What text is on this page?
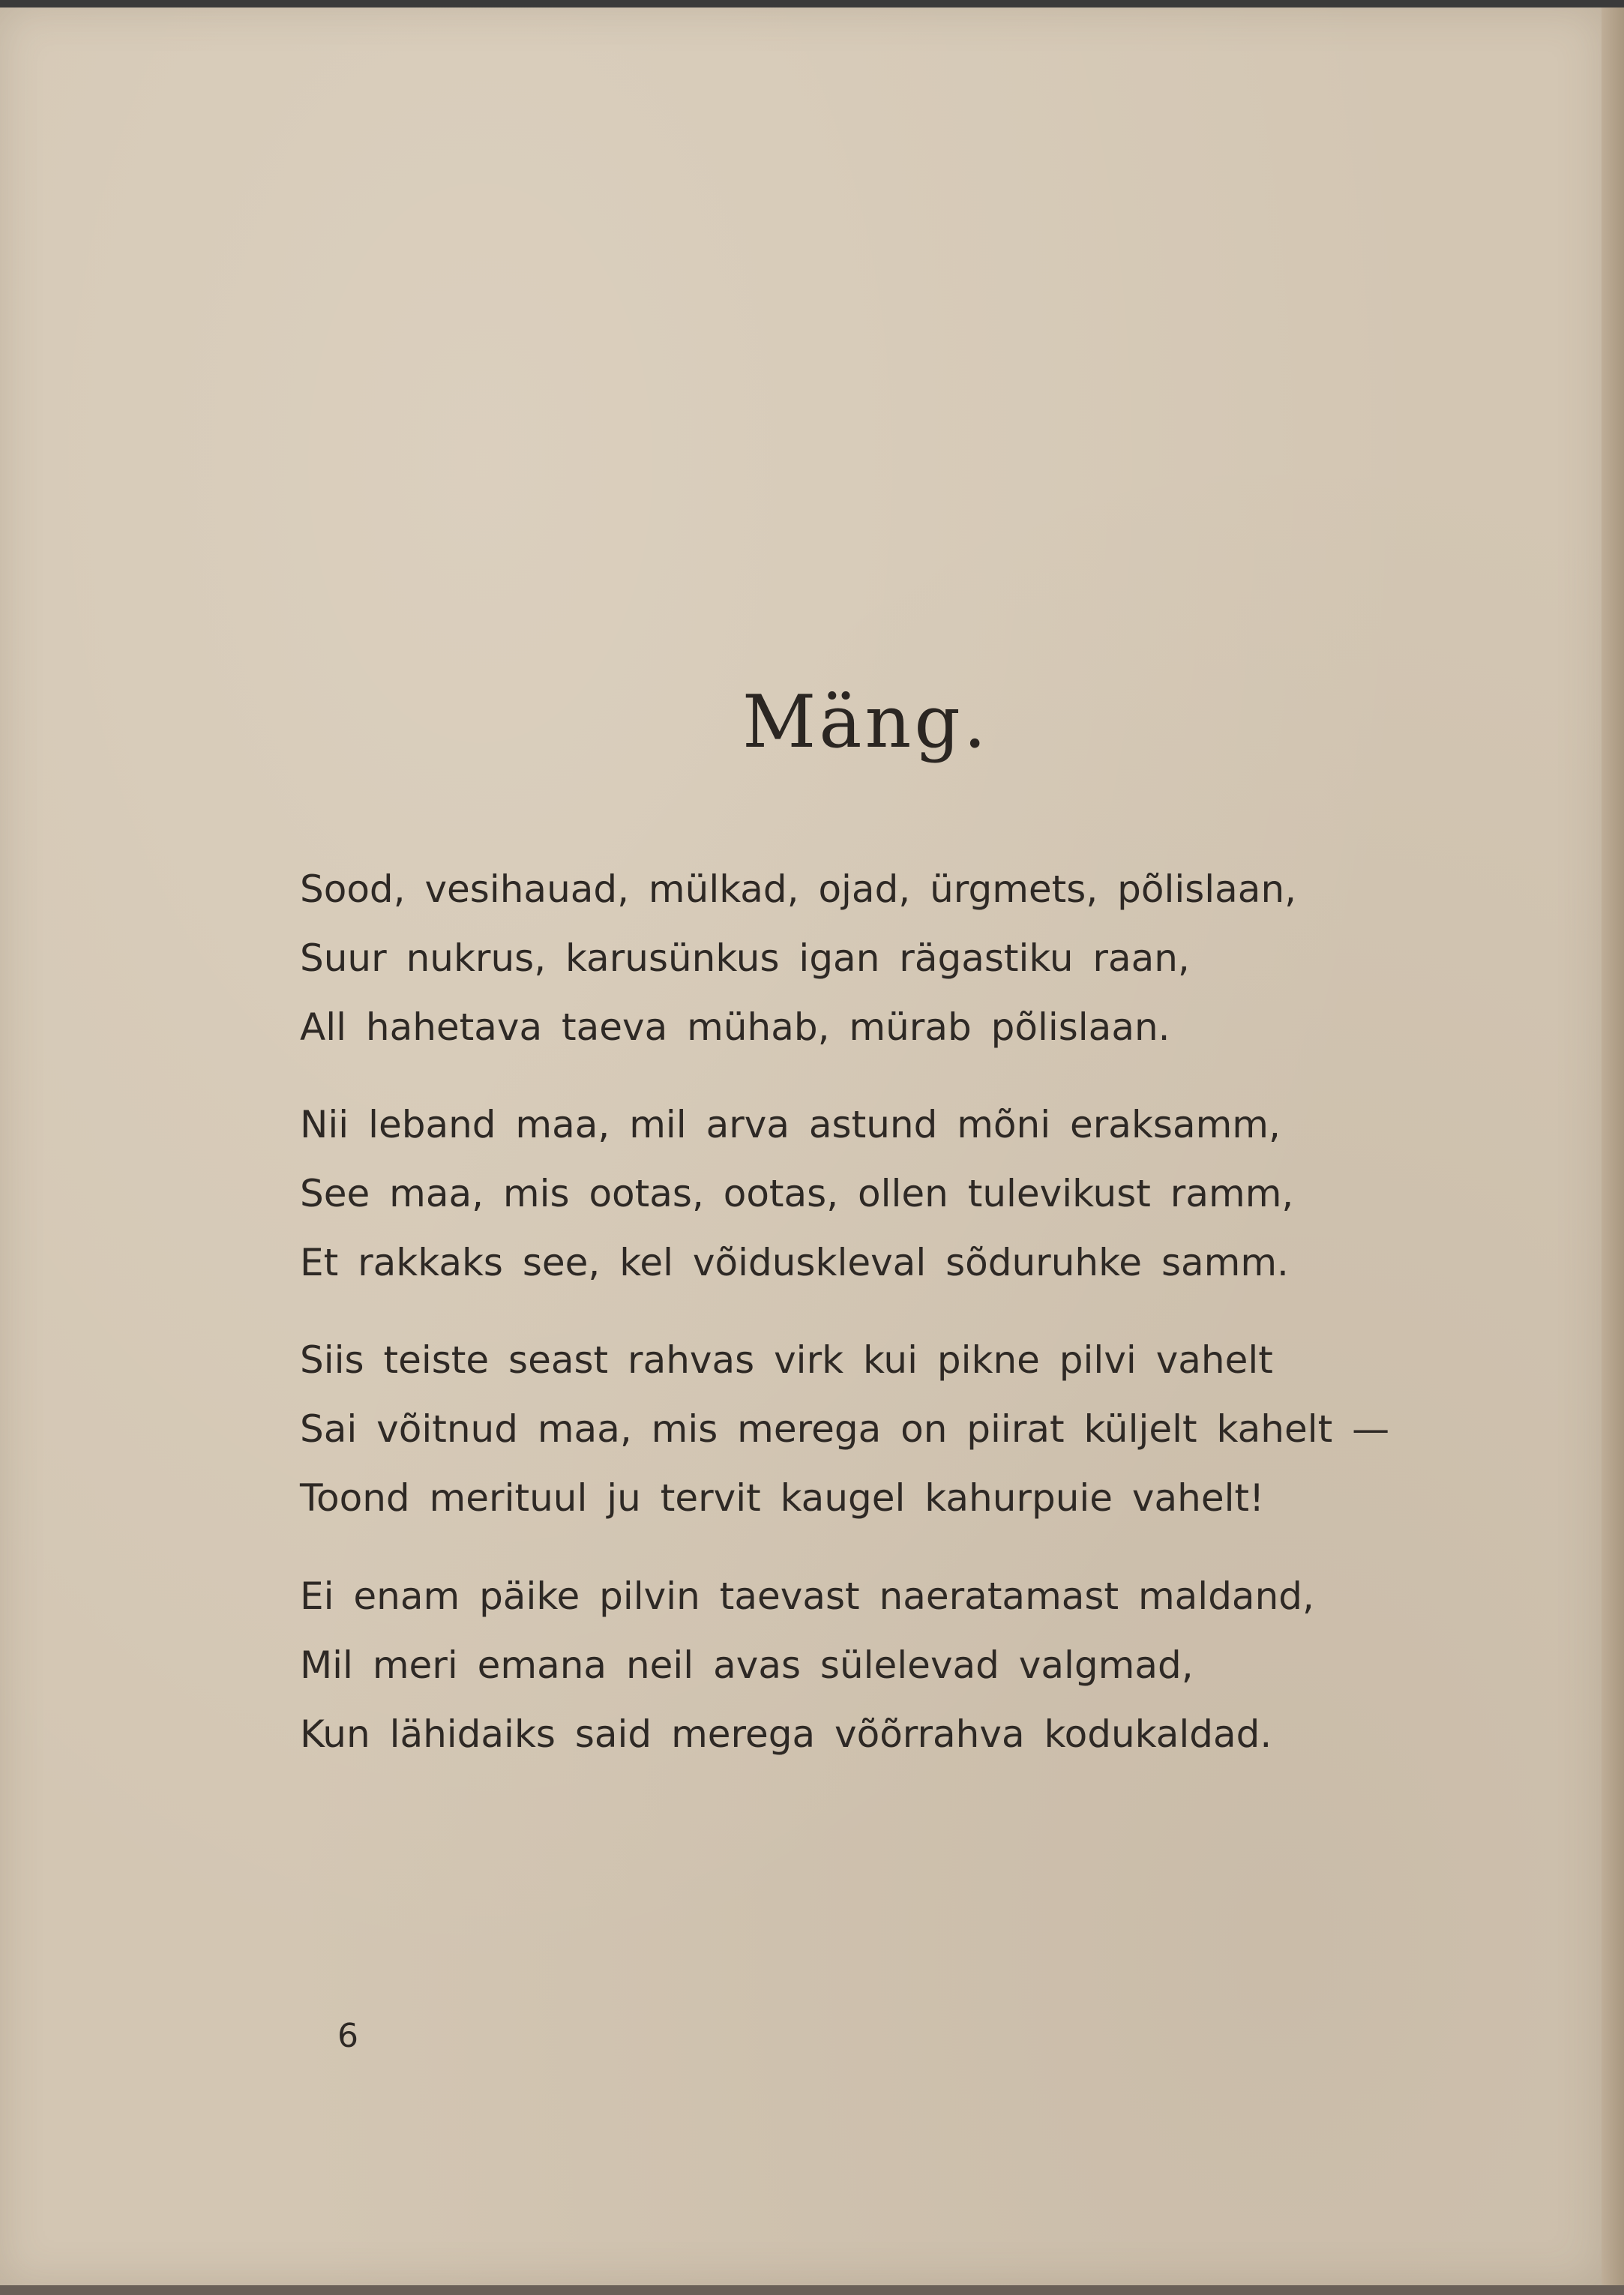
Mäng.
Sood, vesihauad, mülkad, ojad, ürgmets, põlislaan,
Suur nukrus, karusünkus igan rägastiku raan,
All hahetava taeva mühab, mürab põlislaan.
Nii leband maa, mil arva astund mõni eraksamm,
See maa, mis ootas, ootas, ollen tulevikust ramm,
Et rakkaks see, kel võiduskleval sõduruhke samm.
Siis teiste seast rahvas virk kui pikne pilvi vahelt
Sai võitnud maa, mis merega on piirat küljelt kahelt —
Toond merituul ju tervit kaugel kahurpuie vahelt!
Ei enam päike pilvin taevast naeratamast maldand,
Mil meri emana neil avas sülelevad valgmad,
Kun lähidaiks said merega võõrrahva kodukaldad.
6
